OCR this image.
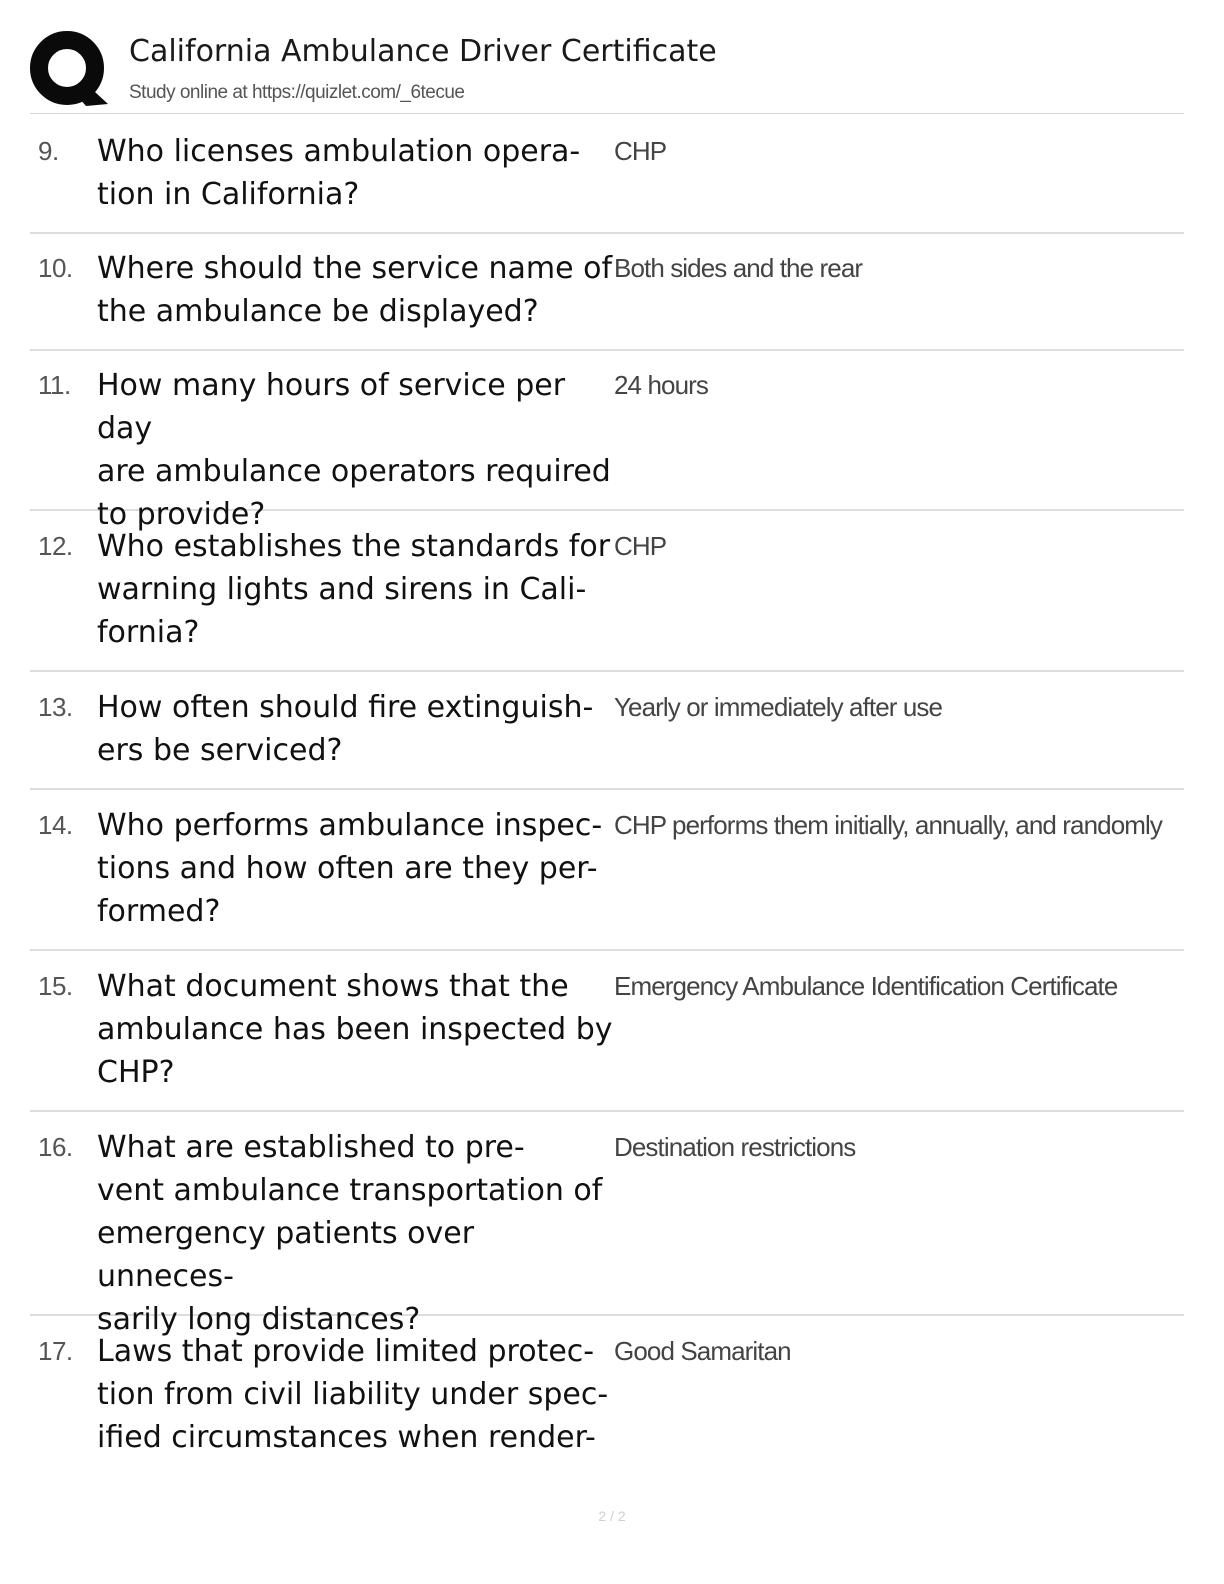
California Ambulance Driver Certificate
Study online at https://quizlet.com/_6tecue
9. Who licenses ambulation opera-
tion in California?
CHP
10. Where should the service name of
the ambulance be displayed?
Both sides and the rear
11. How many hours of service per day
are ambulance operators required
to provide?
24 hours
12. Who establishes the standards for
warning lights and sirens in Cali-
fornia?
CHP
13. How often should fire extinguish-
ers be serviced?
Yearly or immediately after use
14. Who performs ambulance inspec-
tions and how often are they per-
formed?
CHP performs them initially, annually, and randomly
15. What document shows that the
ambulance has been inspected by
CHP?
Emergency Ambulance Identification Certificate
16. What are established to pre-
vent ambulance transportation of
emergency patients over unneces-
sarily long distances?
Destination restrictions
17. Laws that provide limited protec-
tion from civil liability under spec-
ified circumstances when render-
Good Samaritan
2 / 2
